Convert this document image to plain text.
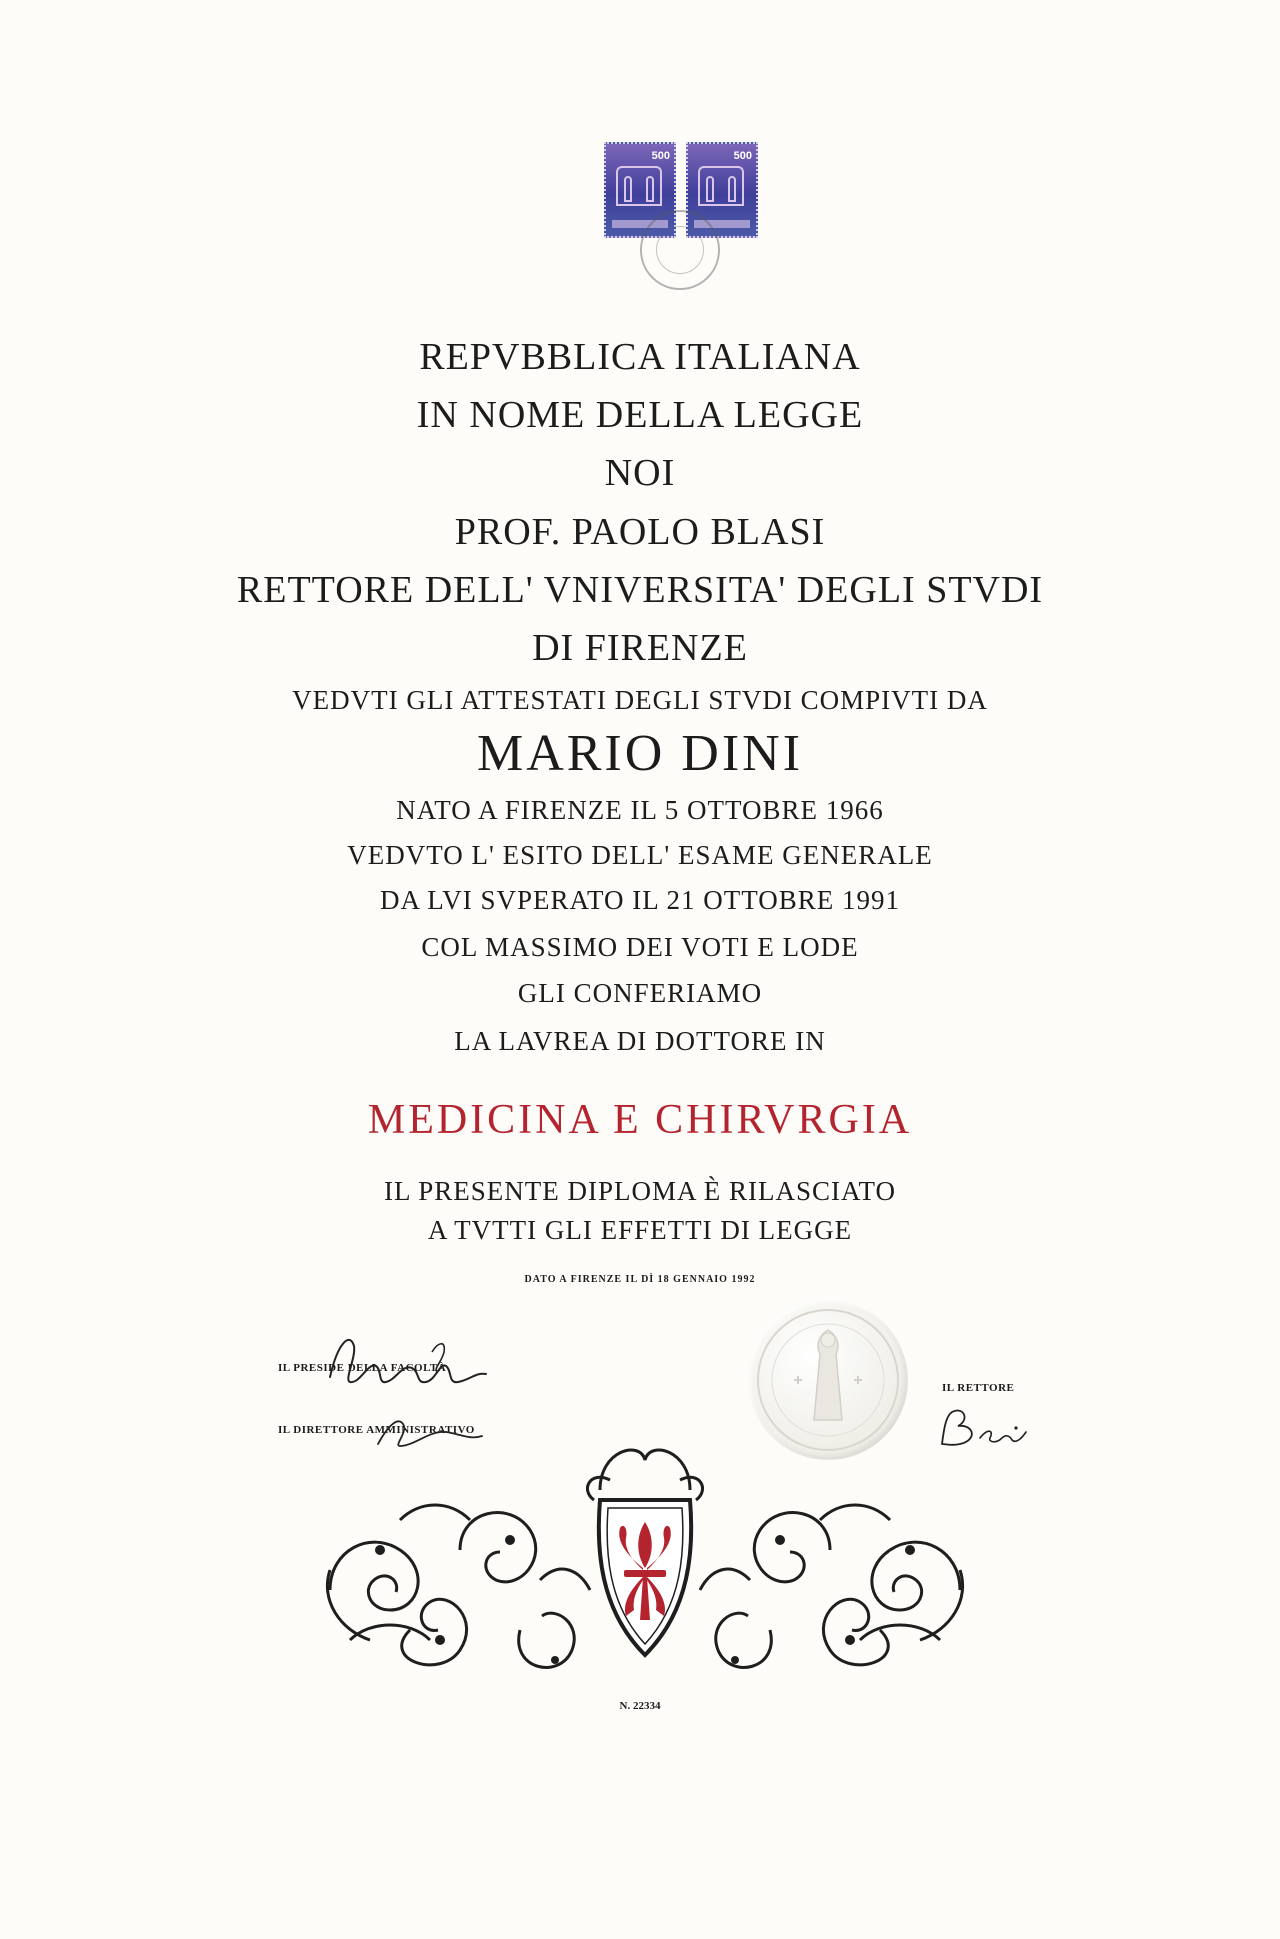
500	500
REPVBBLICA ITALIANA
IN NOME DELLA LEGGE
NOI
PROF. PAOLO BLASI
RETTORE DELL' VNIVERSITA' DEGLI STVDI
DI FIRENZE
VEDVTI GLI ATTESTATI DEGLI STVDI COMPIVTI DA
MARIO DINI
NATO A FIRENZE IL 5 OTTOBRE 1966
VEDVTO L' ESITO DELL' ESAME GENERALE
DA LVI SVPERATO IL 21 OTTOBRE 1991
COL MASSIMO DEI VOTI E LODE
GLI CONFERIAMO
LA LAVREA DI DOTTORE IN
MEDICINA E CHIRVRGIA
IL PRESENTE DIPLOMA È RILASCIATO
A TVTTI GLI EFFETTI DI LEGGE
DATO A FIRENZE IL DÌ 18 GENNAIO 1992
IL PRESIDE DELLA FACOLTÀ
IL DIRETTORE AMMINISTRATIVO
IL RETTORE
N. 22334
